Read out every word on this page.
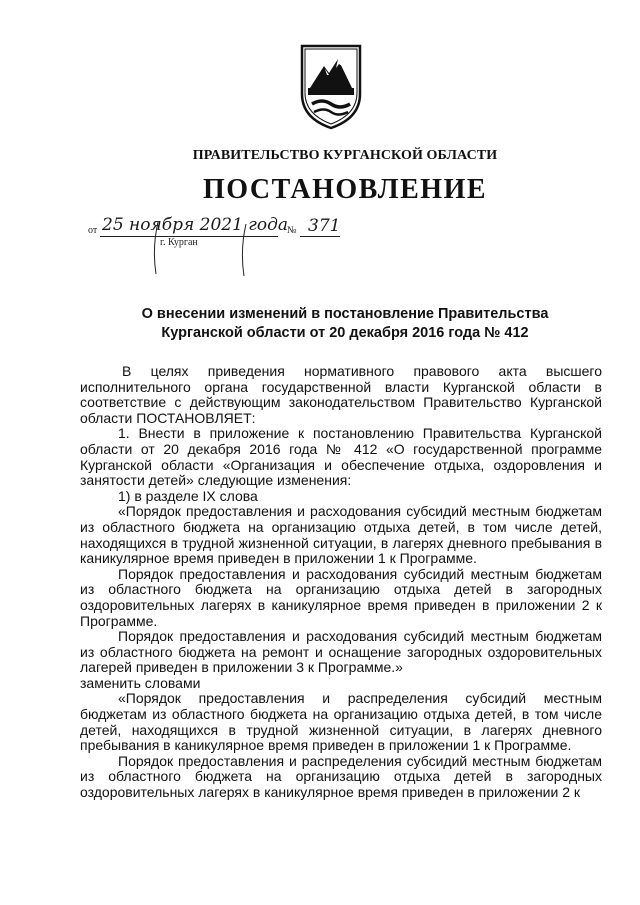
ПРАВИТЕЛЬСТВО КУРГАНСКОЙ ОБЛАСТИ
ПОСТАНОВЛЕНИЕ
от 25 ноября 2021 года
№ 371
г. Курган
О внесении изменений в постановление Правительства
Курганской области от 20 декабря 2016 года № 412

В целях приведения нормативного правового акта высшего исполнительного органа государственной власти Курганской области в соответствие с действующим законодательством Правительство Курганской области ПОСТАНОВЛЯЕТ:

1. Внести в приложение к постановлению Правительства Курганской области от 20 декабря 2016 года № 412 «О государственной программе Курганской области «Организация и обеспечение отдыха, оздоровления и занятости детей» следующие изменения:

1) в разделе IX слова

«Порядок предоставления и расходования субсидий местным бюджетам из областного бюджета на организацию отдыха детей, в том числе детей, находящихся в трудной жизненной ситуации, в лагерях дневного пребывания в каникулярное время приведен в приложении 1 к Программе.

Порядок предоставления и расходования субсидий местным бюджетам из областного бюджета на организацию отдыха детей в загородных оздоровительных лагерях в каникулярное время приведен в приложении 2 к Программе.

Порядок предоставления и расходования субсидий местным бюджетам из областного бюджета на ремонт и оснащение загородных оздоровительных лагерей приведен в приложении 3 к Программе.»

заменить словами

«Порядок предоставления и распределения субсидий местным бюджетам из областного бюджета на организацию отдыха детей, в том числе детей, находящихся в трудной жизненной ситуации, в лагерях дневного пребывания в каникулярное время приведен в приложении 1 к Программе.

Порядок предоставления и распределения субсидий местным бюджетам из областного бюджета на организацию отдыха детей в загородных оздоровительных лагерях в каникулярное время приведен в приложении 2 к
